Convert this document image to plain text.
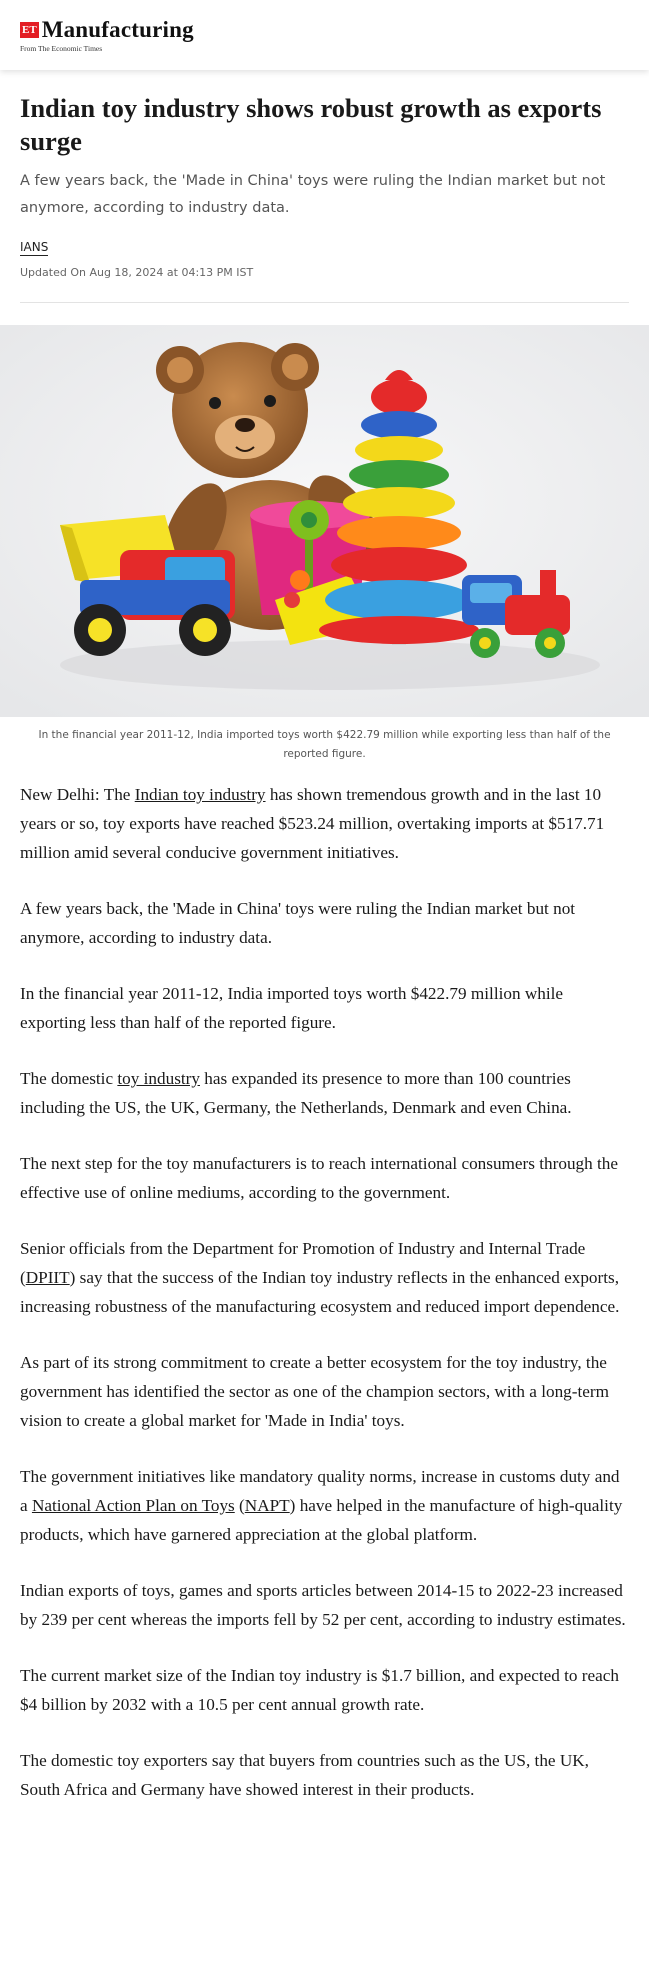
ET Manufacturing
From The Economic Times
Indian toy industry shows robust growth as exports surge
A few years back, the 'Made in China' toys were ruling the Indian market but not anymore, according to industry data.
IANS
Updated On Aug 18, 2024 at 04:13 PM IST
In the financial year 2011-12, India imported toys worth $422.79 million while exporting less than half of the reported figure.

New Delhi: The Indian toy industry has shown tremendous growth and in the last 10 years or so, toy exports have reached $523.24 million, overtaking imports at $517.71 million amid several conducive government initiatives.

A few years back, the 'Made in China' toys were ruling the Indian market but not anymore, according to industry data.

In the financial year 2011-12, India imported toys worth $422.79 million while exporting less than half of the reported figure.

The domestic toy industry has expanded its presence to more than 100 countries including the US, the UK, Germany, the Netherlands, Denmark and even China.

The next step for the toy manufacturers is to reach international consumers through the effective use of online mediums, according to the government.

Senior officials from the Department for Promotion of Industry and Internal Trade (DPIIT) say that the success of the Indian toy industry reflects in the enhanced exports, increasing robustness of the manufacturing ecosystem and reduced import dependence.

As part of its strong commitment to create a better ecosystem for the toy industry, the government has identified the sector as one of the champion sectors, with a long-term vision to create a global market for 'Made in India' toys.

The government initiatives like mandatory quality norms, increase in customs duty and a National Action Plan on Toys (NAPT) have helped in the manufacture of high-quality products, which have garnered appreciation at the global platform.

Indian exports of toys, games and sports articles between 2014-15 to 2022-23 increased by 239 per cent whereas the imports fell by 52 per cent, according to industry estimates.

The current market size of the Indian toy industry is $1.7 billion, and expected to reach $4 billion by 2032 with a 10.5 per cent annual growth rate.

The domestic toy exporters say that buyers from countries such as the US, the UK, South Africa and Germany have showed interest in their products.
